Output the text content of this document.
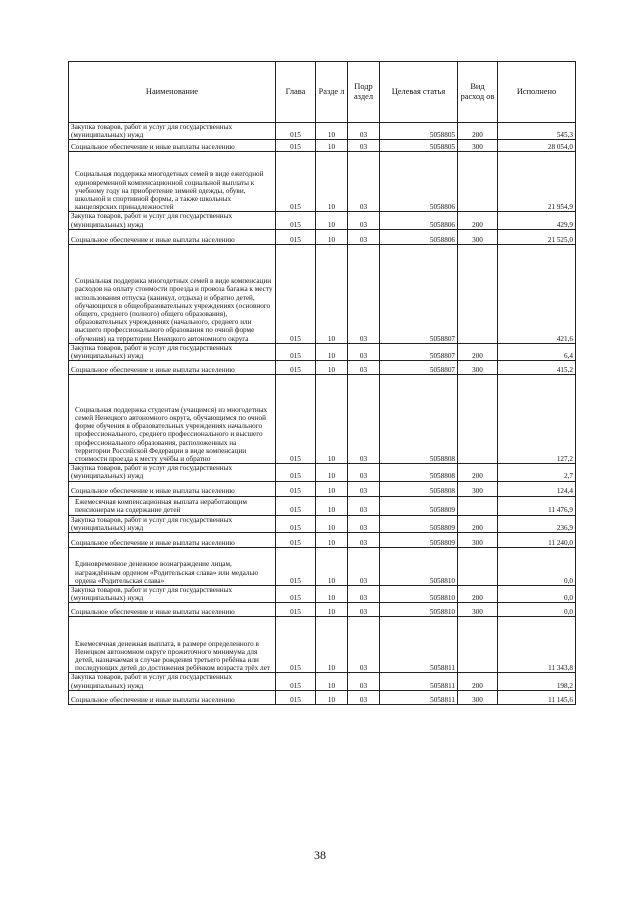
Наименование	Глава	Разде л	Подр аздел	Целевая статья	Вид расход ов	Исполнено
Закупка товаров, работ и услуг для государственных (муниципальных) нужд	015	10	03	5058805	200	545,3
Социальное обеспечение и иные выплаты населению	015	10	03	5058805	300	28 054,0
Социальная поддержка многодетных семей в виде ежегодной единовременной компенсационной социальной выплаты к учебному году на приобретение зимней одежды, обуви, школьной и спортивной формы, а также школьных канцелярских принадлежностей	015	10	03	5058806		21 954,9
Закупка товаров, работ и услуг для государственных (муниципальных) нужд	015	10	03	5058806	200	429,9
Социальное обеспечение и иные выплаты населению	015	10	03	5058806	300	21 525,0
Социальная поддержка многодетных семей в виде компенсации расходов на оплату стоимости проезда и провоза багажа к месту использования отпуска (каникул, отдыха) и обратно детей, обучающихся в общеобразовательных учреждениях (основного общего, среднего (полного) общего образования), образовательных учреждениях (начального, среднего или высшего профессионального образования по очной форме обучения) на территории Ненецкого автономного округа	015	10	03	5058807		421,6
Закупка товаров, работ и услуг для государственных (муниципальных) нужд	015	10	03	5058807	200	6,4
Социальное обеспечение и иные выплаты населению	015	10	03	5058807	300	415,2
Социальная поддержка студентам (учащимся) из многодетных семей Ненецкого автономного округа, обучающимся по очной форме обучения в образовательных учреждениях начального профессионального, среднего профессионального и высшего профессионального образования, расположенных на территории Российской Федерации в виде компенсации стоимости проезда к месту учёбы и обратно	015	10	03	5058808		127,2
Закупка товаров, работ и услуг для государственных (муниципальных) нужд	015	10	03	5058808	200	2,7
Социальное обеспечение и иные выплаты населению	015	10	03	5058808	300	124,4
Ежемесячная компенсационная выплата неработающим пенсионерам на содержание детей	015	10	03	5058809		11 476,9
Закупка товаров, работ и услуг для государственных (муниципальных) нужд	015	10	03	5058809	200	236,9
Социальное обеспечение и иные выплаты населению	015	10	03	5058809	300	11 240,0
Единовременное денежное вознаграждение лицам, награждённым орденом «Родительская слава» или медалью ордена «Родительская слава»	015	10	03	5058810		0,0
Закупка товаров, работ и услуг для государственных (муниципальных) нужд	015	10	03	5058810	200	0,0
Социальное обеспечение и иные выплаты населению	015	10	03	5058810	300	0,0
Ежемесячная денежная выплата, в размере определенного в Ненецком автономном округе прожиточного минимума для детей, назначаемая в случае рождения третьего ребёнка или последующих детей до достижения ребёнком возраста трёх лет	015	10	03	5058811		11 343,8
Закупка товаров, работ и услуг для государственных (муниципальных) нужд	015	10	03	5058811	200	198,2
Социальное обеспечение и иные выплаты населению	015	10	03	5058811	300	11 145,6
38
